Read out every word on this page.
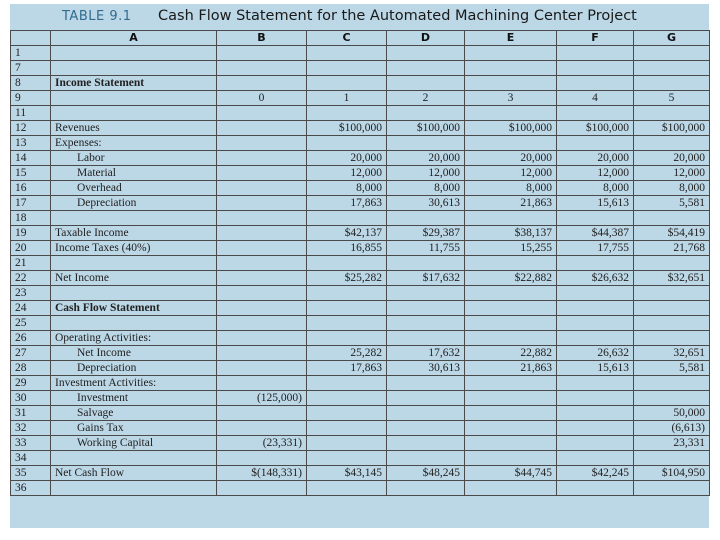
TABLE 9.1 Cash Flow Statement for the Automated Machining Center Project
	A	B	C	D	E	F	G
1							
7							
8	Income Statement						
9		0	1	2	3	4	5
11							
12	Revenues		$100,000	$100,000	$100,000	$100,000	$100,000
13	Expenses:						
14	Labor		20,000	20,000	20,000	20,000	20,000
15	Material		12,000	12,000	12,000	12,000	12,000
16	Overhead		8,000	8,000	8,000	8,000	8,000
17	Depreciation		17,863	30,613	21,863	15,613	5,581
18							
19	Taxable Income		$42,137	$29,387	$38,137	$44,387	$54,419
20	Income Taxes (40%)		16,855	11,755	15,255	17,755	21,768
21							
22	Net Income		$25,282	$17,632	$22,882	$26,632	$32,651
23							
24	Cash Flow Statement						
25							
26	Operating Activities:						
27	Net Income		25,282	17,632	22,882	26,632	32,651
28	Depreciation		17,863	30,613	21,863	15,613	5,581
29	Investment Activities:						
30	Investment	(125,000)					
31	Salvage						50,000
32	Gains Tax						(6,613)
33	Working Capital	(23,331)					23,331
34							
35	Net Cash Flow	$(148,331)	$43,145	$48,245	$44,745	$42,245	$104,950
36							
